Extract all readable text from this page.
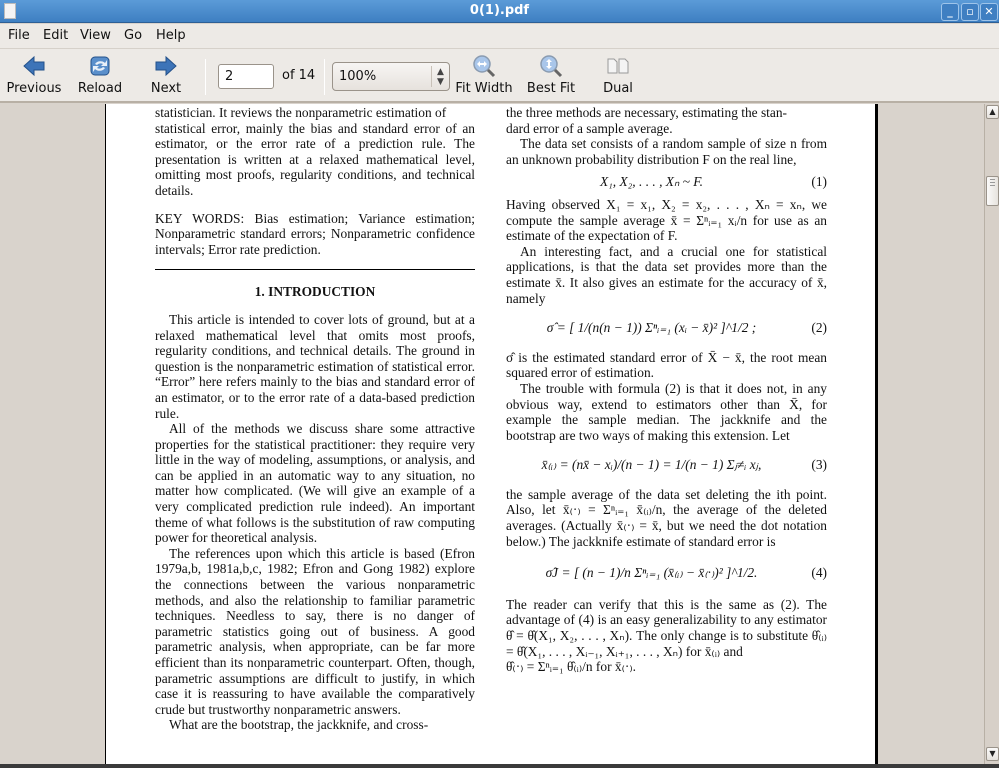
0(1).pdf	_	▫ ✕
File Edit View Go Help
Previous Reload	Next	Fit Width Best Fit	Dual
2	of 14	100%	▲
▼

statistician. It reviews the nonparametric estimation of

statistical error, mainly the bias and standard error of an estimator, or the error rate of a prediction rule. The presentation is written at a relaxed mathematical level, omitting most proofs, regularity conditions, and technical details.

KEY WORDS: Bias estimation; Variance estimation; Nonparametric standard errors; Nonparametric confidence intervals; Error rate prediction.

1. INTRODUCTION

This article is intended to cover lots of ground, but at a relaxed mathematical level that omits most proofs, regularity conditions, and technical details. The ground in question is the nonparametric estimation of statistical error. “Error” here refers mainly to the bias and standard error of an estimator, or to the error rate of a data-based prediction rule.

All of the methods we discuss share some attractive properties for the statistical practitioner: they require very little in the way of modeling, assumptions, or analysis, and can be applied in an automatic way to any situation, no matter how complicated. (We will give an example of a very complicated prediction rule indeed). An important theme of what follows is the substitution of raw computing power for theoretical analysis.

The references upon which this article is based (Efron 1979a,b, 1981a,b,c, 1982; Efron and Gong 1982) explore the connections between the various nonparametric methods, and also the relationship to familiar parametric techniques. Needless to say, there is no danger of parametric statistics going out of business. A good parametric analysis, when appropriate, can be far more efficient than its nonparametric counterpart. Often, though, parametric assumptions are difficult to justify, in which case it is reassuring to have available the comparatively crude but trustworthy nonparametric answers.

What are the bootstrap, the jackknife, and cross-

the three methods are necessary, estimating the stan-

dard error of a sample average.

The data set consists of a random sample of size n from an unknown probability distribution F on the real line,

X₁, X₂, . . . , Xₙ ~ F.	(1)

Having observed X₁ = x₁, X₂ = x₂, . . . , Xₙ = xₙ, we compute the sample average x̄ = Σⁿᵢ₌₁ xᵢ/n for use as an estimate of the expectation of F.

An interesting fact, and a crucial one for statistical applications, is that the data set provides more than the estimate x̄. It also gives an estimate for the accuracy of x̄, namely

σ̂ = [ 1/(n(n − 1)) Σⁿᵢ₌₁ (xᵢ − x̄)² ]^1/2 ;	(2)

σ̂ is the estimated standard error of X̄ − x̄, the root mean squared error of estimation.

The trouble with formula (2) is that it does not, in any obvious way, extend to estimators other than X̄, for example the sample median. The jackknife and the bootstrap are two ways of making this extension. Let

x̄₍ᵢ₎ = (nx̄ − xᵢ)/(n − 1) = 1/(n − 1) Σⱼ≠ᵢ xⱼ,	(3)

the sample average of the data set deleting the ith point. Also, let x̄₍·₎ = Σⁿᵢ₌₁ x̄₍ᵢ₎/n, the average of the deleted averages. (Actually x̄₍·₎ = x̄, but we need the dot notation below.) The jackknife estimate of standard error is

σ̂J = [ (n − 1)/n Σⁿᵢ₌₁ (x̄₍ᵢ₎ − x̄₍·₎)² ]^1/2.	(4)

The reader can verify that this is the same as (2). The advantage of (4) is an easy generalizability to any estimator θ̂ = θ̂(X₁, X₂, . . . , Xₙ). The only change is to substitute θ̂₍ᵢ₎ = θ̂(X₁, . . . , Xᵢ₋₁, Xᵢ₊₁, . . . , Xₙ) for x̄₍ᵢ₎ and

θ̂₍·₎ = Σⁿᵢ₌₁ θ̂₍ᵢ₎/n for x̄₍·₎.

▲
▼
